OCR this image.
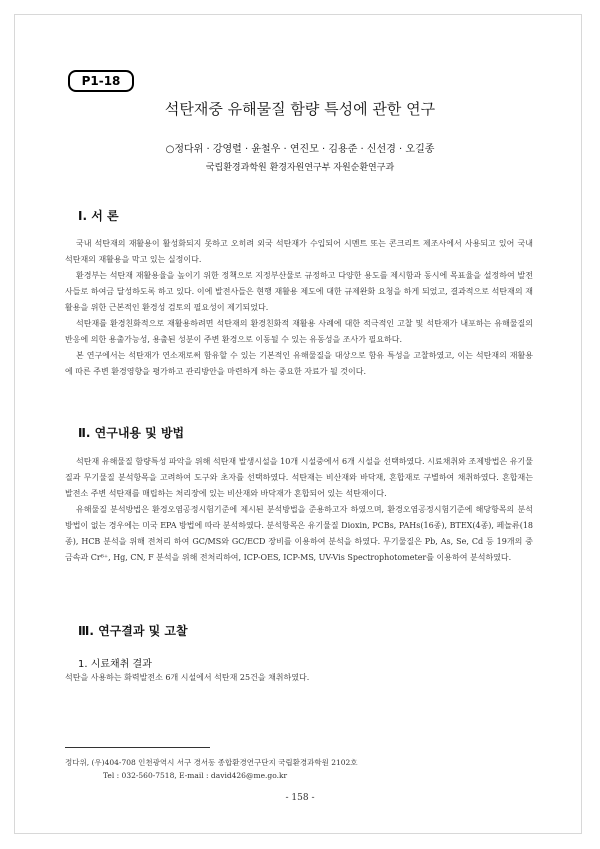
P1-18
석탄재중 유해물질 함량 특성에 관한 연구
○정다위 · 강영렬 · 윤철우 · 연진모 · 김용준 · 신선경 · 오길종
국립환경과학원 환경자원연구부 자원순환연구과
Ⅰ. 서 론

국내 석탄재의 재활용이 활성화되지 못하고 오히려 외국 석탄재가 수입되어 시멘트 또는 콘크리트 제조사에서 사용되고 있어 국내 석탄재의 재활용을 막고 있는 실정이다.

환경부는 석탄재 재활용율을 높이기 위한 정책으로 지정부산물로 규정하고 다양한 용도를 제시함과 동시에 목표율을 설정하여 발전사들로 하여금 달성하도록 하고 있다. 이에 발전사들은 현행 재활용 제도에 대한 규제완화 요청을 하게 되었고, 결과적으로 석탄재의 재활용을 위한 근본적인 환경성 검토의 필요성이 제기되었다.

석탄재를 환경친화적으로 재활용하려면 석탄재의 환경친화적 재활용 사례에 대한 적극적인 고찰 및 석탄재가 내포하는 유해물질의 반응에 의한 용출가능성, 용출된 성분이 주변 환경으로 이동될 수 있는 유동성을 조사가 필요하다.

본 연구에서는 석탄재가 연소재로써 함유할 수 있는 기본적인 유해물질을 대상으로 함유 특성을 고찰하였고, 이는 석탄재의 재활용에 따른 주변 환경영향을 평가하고 관리방안을 마련하게 하는 중요한 자료가 될 것이다.

Ⅱ. 연구내용 및 방법

석탄재 유해물질 함량특성 파악을 위해 석탄재 발생시설을 10개 시설중에서 6개 시설을 선택하였다. 시료채취와 조제방법은 유기물질과 무기물질 분석항목을 고려하여 도구와 초자를 선택하였다. 석탄재는 비산재와 바닥재, 혼합재로 구별하여 채취하였다. 혼합재는 발전소 주변 석탄재를 매립하는 처리장에 있는 비산재와 바닥재가 혼합되어 있는 석탄재이다.

유해물질 분석방법은 환경오염공정시험기준에 제시된 분석방법을 준용하고자 하였으며, 환경오염공정시험기준에 해당항목의 분석방법이 없는 경우에는 미국 EPA 방법에 따라 분석하였다. 분석항목은 유기물질 Dioxin, PCBs, PAHs(16종), BTEX(4종), 페놀류(18종), HCB 분석을 위해 전처리 하여 GC/MS와 GC/ECD 장비를 이용하여 분석을 하였다. 무기물질은 Pb, As, Se, Cd 등 19개의 중금속과 Cr⁶⁺, Hg, CN, F 분석을 위해 전처리하여, ICP-OES, ICP-MS, UV-Vis Spectrophotometer를 이용하여 분석하였다.

Ⅲ. 연구결과 및 고찰
1. 시료채취 결과

석탄을 사용하는 화력발전소 6개 시설에서 석탄재 25건을 채취하였다.

정다위, (우)404-708 인천광역시 서구 경서동 종합환경연구단지 국립환경과학원 2102호
Tel : 032-560-7518, E-mail : david426@me.go.kr
- 158 -
